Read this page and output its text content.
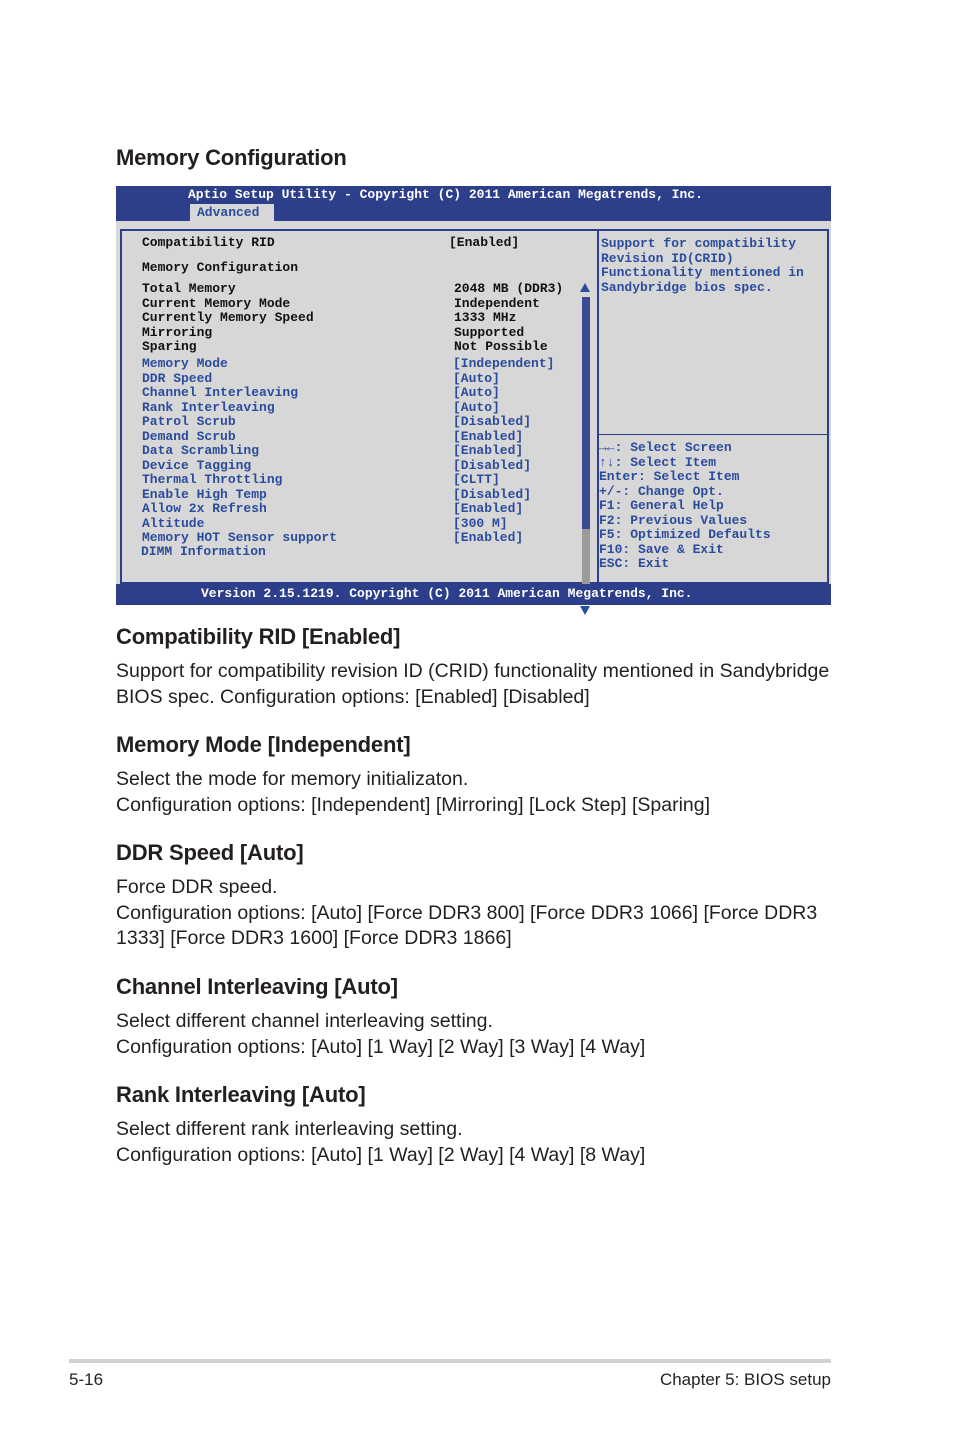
Memory Configuration
Aptio Setup Utility - Copyright (C) 2011 American Megatrends, Inc.
Advanced
Compatibility RID	[Enabled]
Memory Configuration
Total Memory	2048 MB (DDR3)
Current Memory Mode	Independent
Currently Memory Speed	1333 MHz
Mirroring	Supported
Sparing	Not Possible
Memory Mode	[Independent]
DDR Speed	[Auto]
Channel Interleaving	[Auto]
Rank Interleaving	[Auto]
Patrol Scrub	[Disabled]
Demand Scrub	[Enabled]
Data Scrambling	[Enabled]
Device Tagging	[Disabled]
Thermal Throttling	[CLTT]
Enable High Temp	[Disabled]
Allow 2x Refresh	[Enabled]
Altitude	[300 M]
Memory HOT Sensor support	[Enabled]
DIMM Information
Support for compatibility
Revision ID(CRID)
Functionality mentioned in
Sandybridge bios spec.
→←: Select Screen
↑↓: Select Item
Enter: Select Item
+/-: Change Opt.
F1: General Help
F2: Previous Values
F5: Optimized Defaults
F10: Save & Exit
ESC: Exit
Version 2.15.1219. Copyright (C) 2011 American Megatrends, Inc.
Compatibility RID [Enabled]
Support for compatibility revision ID (CRID) functionality mentioned in Sandybridge
BIOS spec. Configuration options: [Enabled] [Disabled]
Memory Mode [Independent]
Select the mode for memory initializaton.
Configuration options: [Independent] [Mirroring] [Lock Step] [Sparing]
DDR Speed [Auto]
Force DDR speed.
Configuration options: [Auto] [Force DDR3 800] [Force DDR3 1066] [Force DDR3
1333] [Force DDR3 1600] [Force DDR3 1866]
Channel Interleaving [Auto]
Select different channel interleaving setting.
Configuration options: [Auto] [1 Way] [2 Way] [3 Way] [4 Way]
Rank Interleaving [Auto]
Select different rank interleaving setting.
Configuration options: [Auto] [1 Way] [2 Way] [4 Way] [8 Way]
5-16	Chapter 5: BIOS setup
